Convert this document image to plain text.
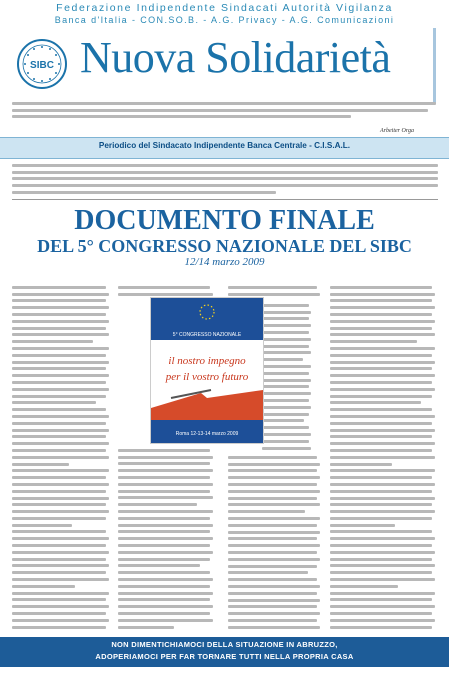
Federazione Indipendente Sindacati Autorità Vigilanza
Banca d'Italia - CON.SO.B. - A.G. Privacy - A.G. Comunicazioni
SIBC Nuova Solidarietà
Arbeiter Orga
Periodico del Sindacato Indipendente Banca Centrale - C.I.S.A.L.
DOCUMENTO FINALE
DEL 5° CONGRESSO NAZIONALE DEL SIBC
12/14 marzo 2009
5° CONGRESSO NAZIONALE
il nostro impegno
per il vostro futuro
Roma 12-13-14 marzo 2009
NON DIMENTICHIAMOCI DELLA SITUAZIONE IN ABRUZZO,
ADOPERIAMOCI PER FAR TORNARE TUTTI NELLA PROPRIA CASA
